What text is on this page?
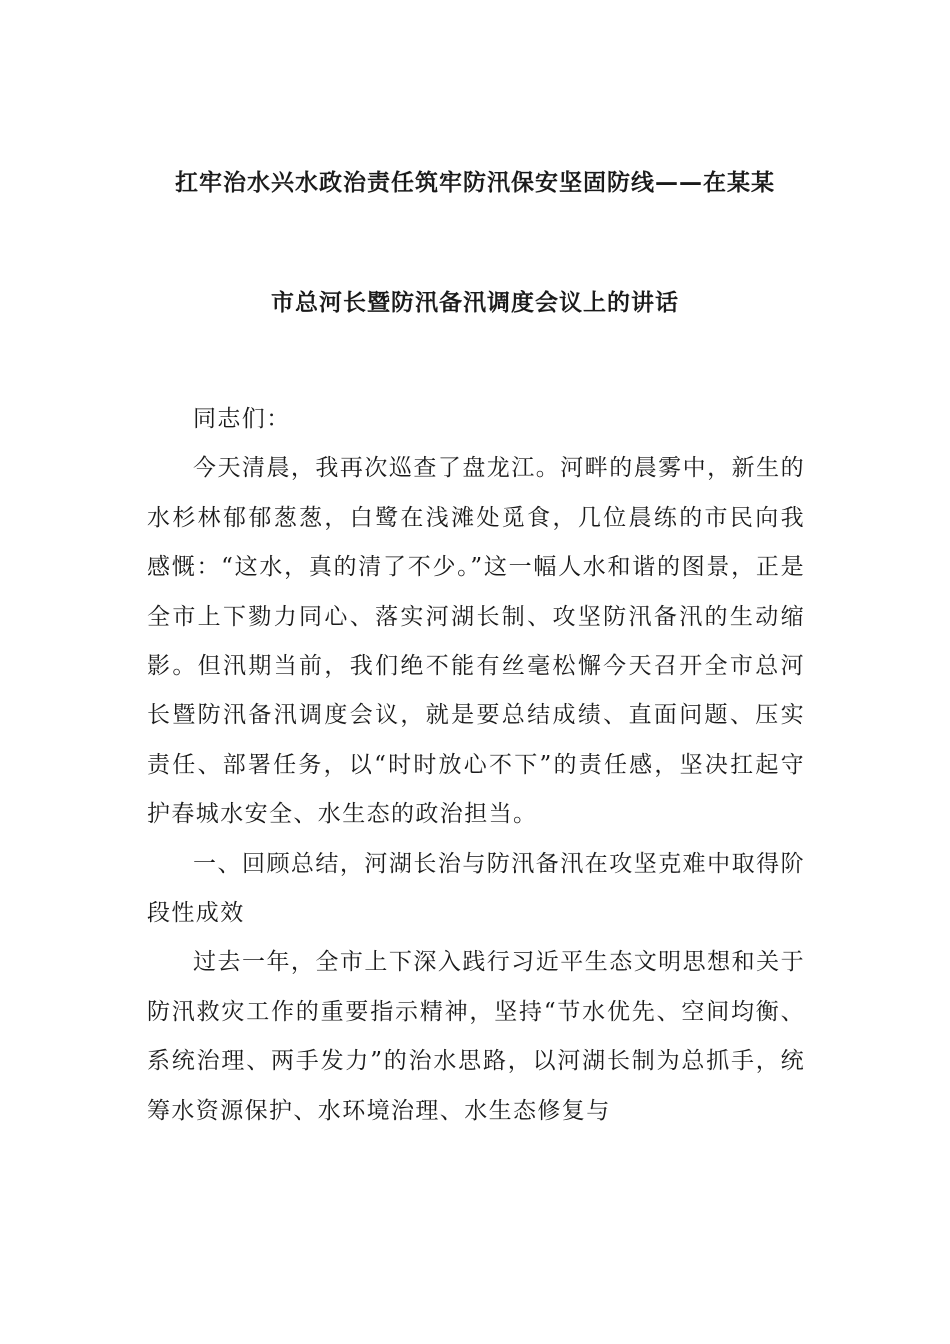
扛牢治水兴水政治责任筑牢防汛保安坚固防线——在某某
市总河长暨防汛备汛调度会议上的讲话

同志们：

今天清晨，我再次巡查了盘龙江。河畔的晨雾中，新生的水杉林郁郁葱葱，白鹭在浅滩处觅食，几位晨练的市民向我感慨：“这水，真的清了不少。”这一幅人水和谐的图景，正是全市上下勠力同心、落实河湖长制、攻坚防汛备汛的生动缩影。但汛期当前，我们绝不能有丝毫松懈今天召开全市总河长暨防汛备汛调度会议，就是要总结成绩、直面问题、压实责任、部署任务，以“时时放心不下”的责任感，坚决扛起守护春城水安全、水生态的政治担当。

一、回顾总结，河湖长治与防汛备汛在攻坚克难中取得阶段性成效

过去一年，全市上下深入践行习近平生态文明思想和关于防汛救灾工作的重要指示精神，坚持“节水优先、空间均衡、系统治理、两手发力”的治水思路，以河湖长制为总抓手，统筹水资源保护、水环境治理、水生态修复与
